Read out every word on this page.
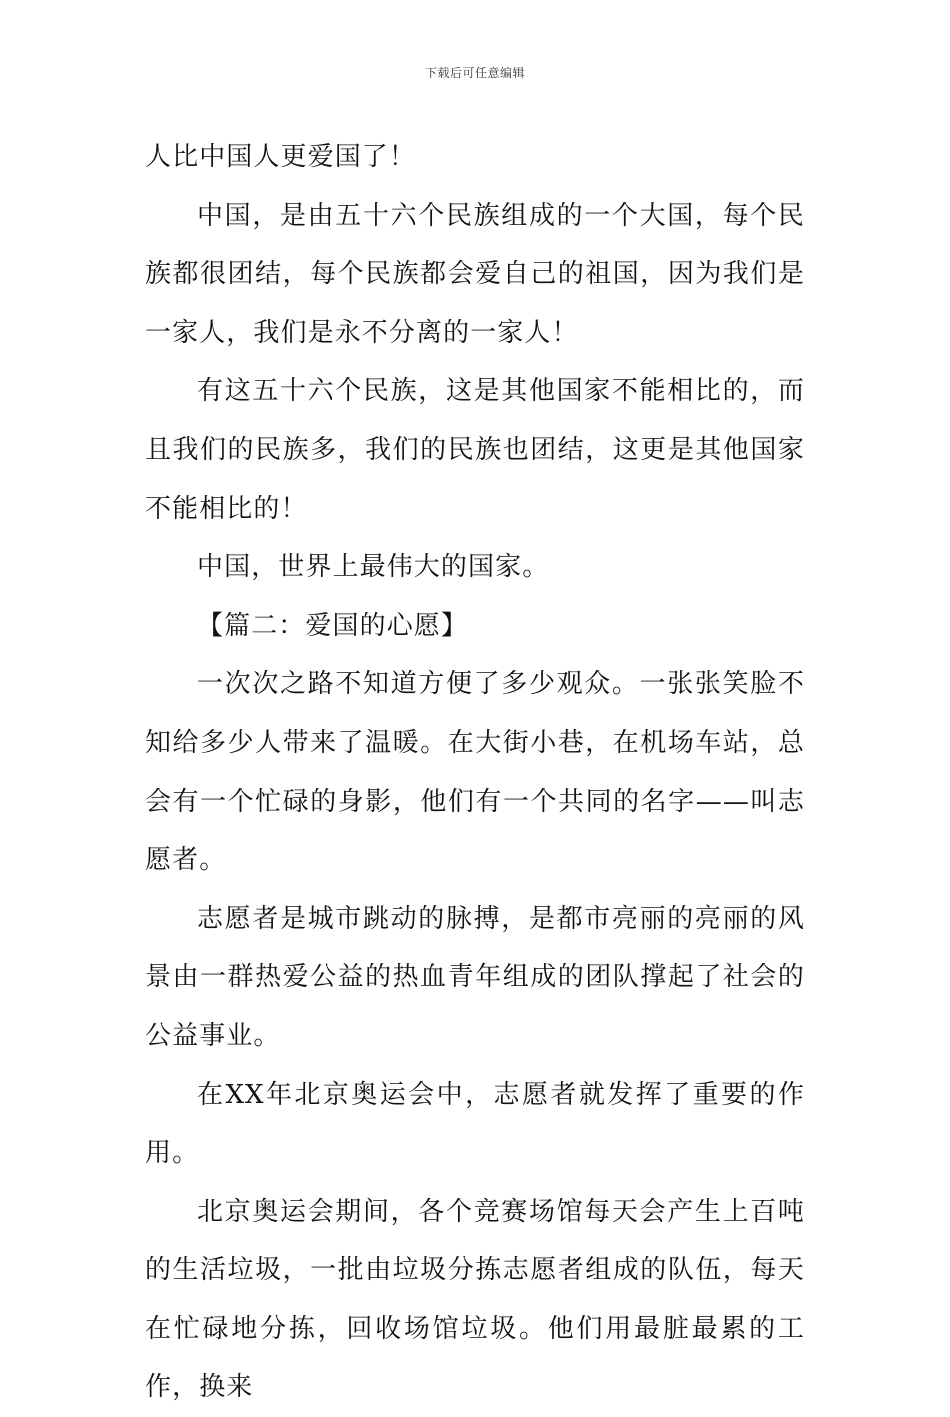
下载后可任意编辑

人比中国人更爱国了！

中国，是由五十六个民族组成的一个大国，每个民族都很团结，每个民族都会爱自己的祖国，因为我们是一家人，我们是永不分离的一家人！

有这五十六个民族，这是其他国家不能相比的，而且我们的民族多，我们的民族也团结，这更是其他国家不能相比的！

中国，世界上最伟大的国家。

【篇二：爱国的心愿】

一次次之路不知道方便了多少观众。一张张笑脸不知给多少人带来了温暖。在大街小巷，在机场车站，总会有一个忙碌的身影，他们有一个共同的名字——叫志愿者。

志愿者是城市跳动的脉搏，是都市亮丽的亮丽的风景由一群热爱公益的热血青年组成的团队撑起了社会的公益事业。

在XX年北京奥运会中，志愿者就发挥了重要的作用。

北京奥运会期间，各个竞赛场馆每天会产生上百吨的生活垃圾，一批由垃圾分拣志愿者组成的队伍，每天在忙碌地分拣，回收场馆垃圾。他们用最脏最累的工作，换来
